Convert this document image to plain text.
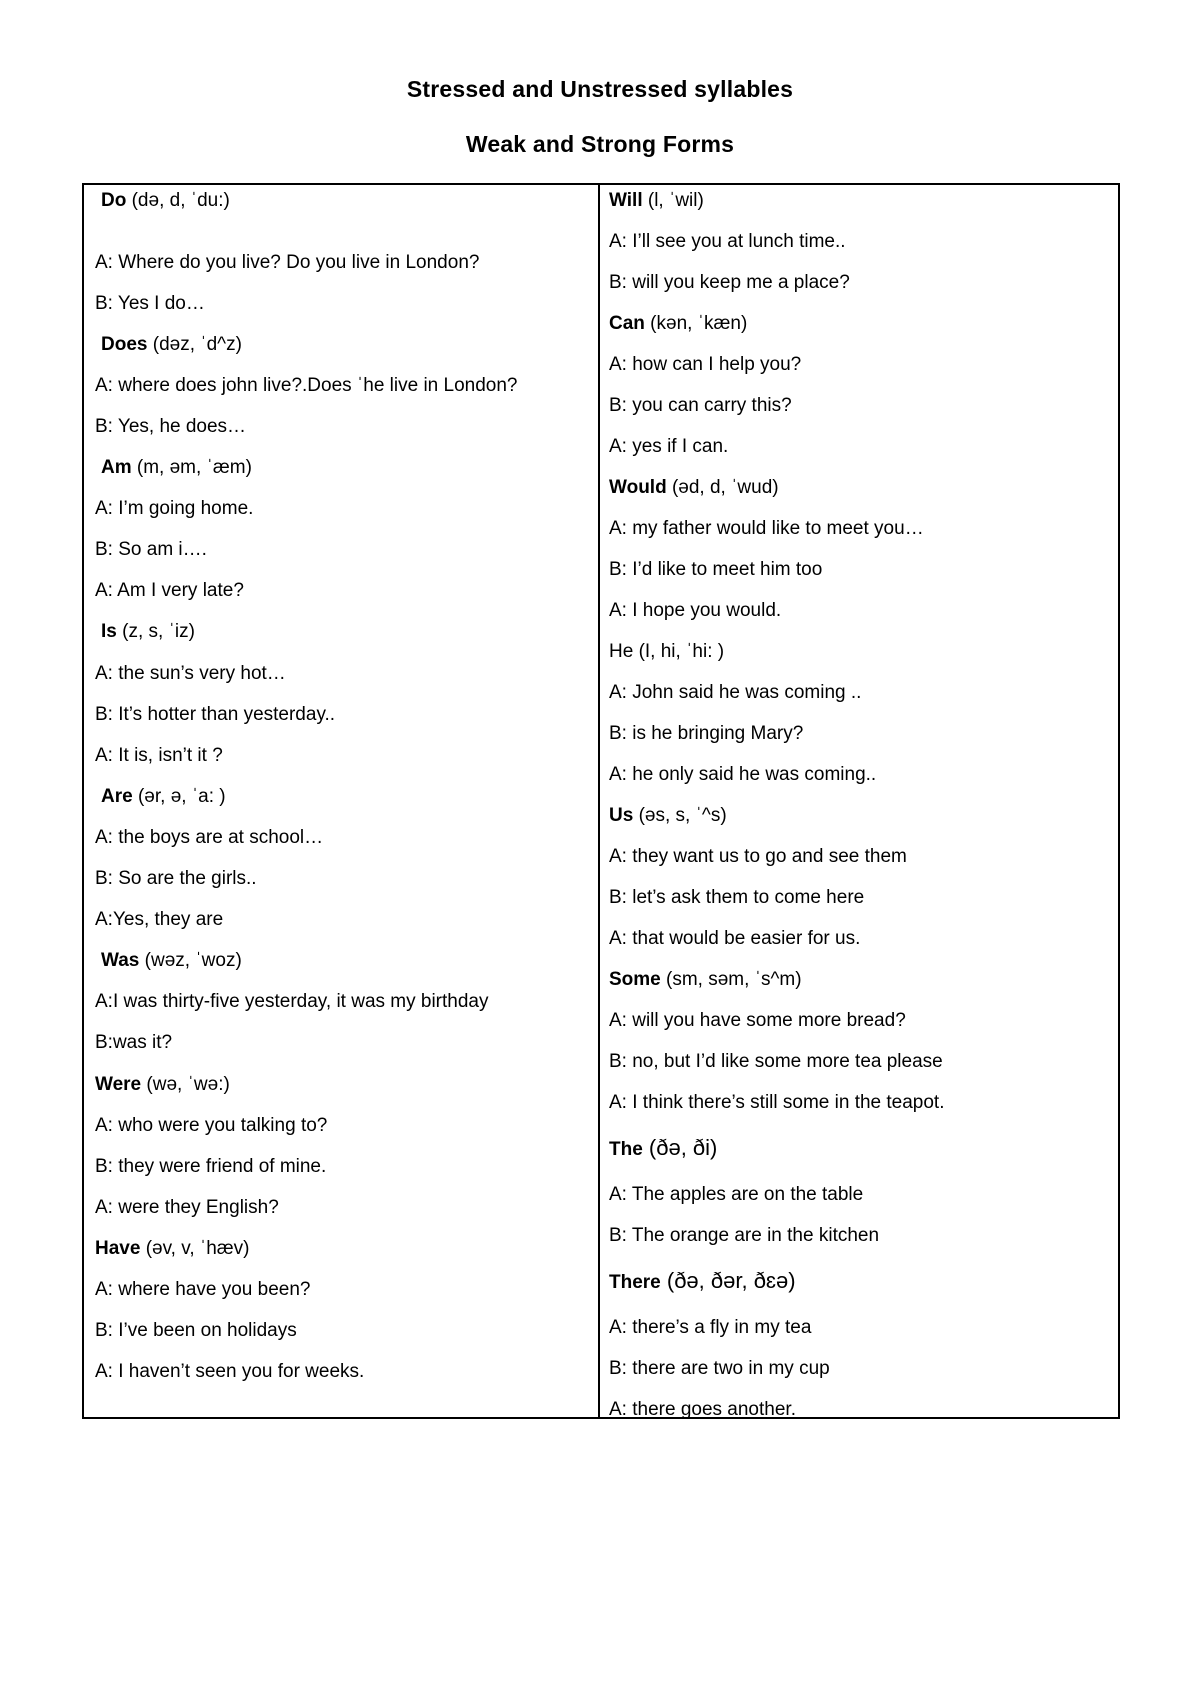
Stressed and Unstressed syllables
Weak and Strong Forms
Do (də, d, ˈdu:)
A: Where do you live? Do you live in London?
B: Yes I do…
Does (dəz, ˈd^z)
A: where does john live?.Does ˈhe live in London?
B: Yes, he does…
Am (m, əm, ˈæm)
A: I’m going home.
B: So am i….
A: Am I very late?
Is (z, s, ˈiz)
A: the sun’s very hot…
B: It’s hotter than yesterday..
A: It is, isn’t it ?
Are (ər, ə, ˈa: )
A: the boys are at school…
B: So are the girls..
A:Yes, they are
Was (wəz, ˈwoz)
A:I was thirty-five yesterday, it was my birthday
B:was it?
Were (wə, ˈwə:)
A: who were you talking to?
B: they were friend of mine.
A: were they English?
Have (əv, v, ˈhæv)
A: where have you been?
B: I’ve been on holidays
A: I haven’t seen you for weeks.
Will (l, ˈwil)
A: I’ll see you at lunch time..
B: will you keep me a place?
Can (kən, ˈkæn)
A: how can I help you?
B: you can carry this?
A: yes if I can.
Would (əd, d, ˈwud)
A: my father would like to meet you…
B: I’d like to meet him too
A: I hope you would.
He (I, hi, ˈhi: )
A: John said he was coming ..
B: is he bringing Mary?
A: he only said he was coming..
Us (əs, s, ˈ^s)
A: they want us to go and see them
B: let’s ask them to come here
A: that would be easier for us.
Some (sm, səm, ˈs^m)
A: will you have some more bread?
B: no, but I’d like some more tea please
A: I think there’s still some in the teapot.
The (ðə, ði)
A: The apples are on the table
B: The orange are in the kitchen
There (ðə, ðər, ðɛə)
A: there’s a fly in my tea
B: there are two in my cup
A: there goes another.
